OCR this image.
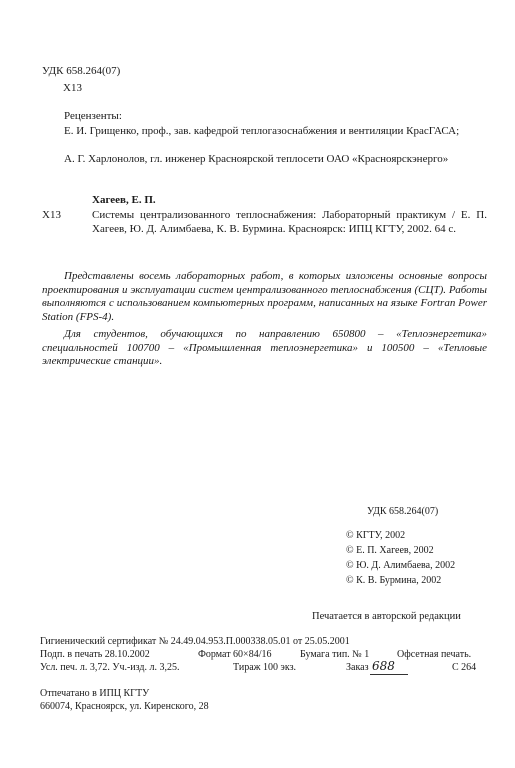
УДК 658.264(07)
Х13
Рецензенты:
Е. И. Грищенко, проф., зав. кафедрой теплогазоснабжения и вентиляции КрасГАСА;
А. Г. Харлонолов, гл. инженер Красноярской теплосети ОАО «Красноярскэнерго»
Хагеев, Е. П.
Х13	Системы централизованного теплоснабжения: Лабораторный практикум / Е. П. Хагеев, Ю. Д. Алимбаева, К. В. Бурмина. Красноярск: ИПЦ КГТУ, 2002. 64 с.
Представлены восемь лабораторных работ, в которых изложены основные вопросы проектирования и эксплуатации систем централизованного теплоснабжения (СЦТ). Работы выполняются с использованием компьютерных программ, написанных на языке Fortran Power Station (FPS-4).
Для студентов, обучающихся по направлению 650800 – «Теплоэнергетика» специальностей 100700 – «Промышленная теплоэнергетика» и 100500 – «Тепловые электрические станции».
УДК 658.264(07)
© КГТУ, 2002
© Е. П. Хагеев, 2002
© Ю. Д. Алимбаева, 2002
© К. В. Бурмина, 2002
Печатается в авторской редакции
Гигиенический сертификат № 24.49.04.953.П.000338.05.01 от 25.05.2001
Подп. в печать 28.10.2002	Формат 60×84/16	Бумага тип. № 1	Офсетная печать.
Усл. печ. л. 3,72. Уч.-изд. л. 3,25.	Тираж 100 экз.	Заказ 688	С 264
Отпечатано в ИПЦ КГТУ
660074, Красноярск, ул. Киренского, 28
